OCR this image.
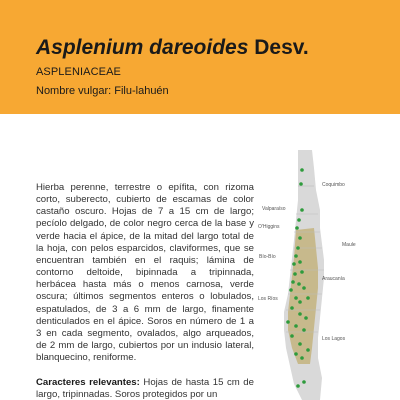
Asplenium dareoides Desv.
ASPLENIACEAE
Nombre vulgar: Filu-lahuén

Hierba perenne, terrestre o epífita, con rizoma corto, suberecto, cubierto de escamas de color castaño oscuro. Hojas de 7 a 15 cm de largo; pecíolo delgado, de color negro cerca de la base y verde hacia el ápice, de la mitad del largo total de la hoja, con pelos esparcidos, claviformes, que se encuentran también en el raquis; lámina de contorno deltoide, bipinnada a tripinnada, herbácea hasta más o menos carnosa, verde oscura; últimos segmentos enteros o lobulados, espatulados, de 3 a 6 mm de largo, finamente denticulados en el ápice. Soros en número de 1 a 3 en cada segmento, ovalados, algo arqueados, de 2 mm de largo, cubiertos por un indusio lateral, blanquecino, reniforme.

Caracteres relevantes: Hojas de hasta 15 cm de largo, tripinnadas. Soros protegidos por un

Coquimbo
Valparaíso
O'Higgins
Maule
Bío-Bío
Araucanía
Los Ríos
Los Lagos
